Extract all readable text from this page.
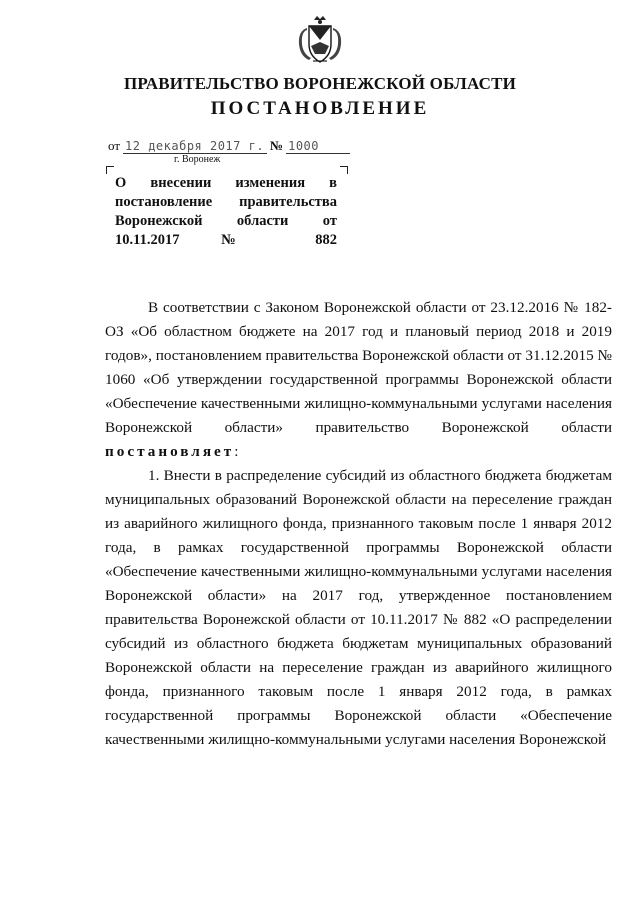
ПРАВИТЕЛЬСТВО ВОРОНЕЖСКОЙ ОБЛАСТИ
ПОСТАНОВЛЕНИЕ
от 12 декабря 2017 г. № 1000
г. Воронеж
О внесении изменения в постановление правительства Воронежской области от 10.11.2017 № 882

В соответствии с Законом Воронежской области от 23.12.2016 № 182-ОЗ «Об областном бюджете на 2017 год и плановый период 2018 и 2019 годов», постановлением правительства Воронежской области от 31.12.2015 № 1060 «Об утверждении государственной программы Воронежской области «Обеспечение качественными жилищно-коммунальными услугами населения Воронежской области» правительство Воронежской области постановляет:

1. Внести в распределение субсидий из областного бюджета бюджетам муниципальных образований Воронежской области на переселение граждан из аварийного жилищного фонда, признанного таковым после 1 января 2012 года, в рамках государственной программы Воронежской области «Обеспечение качественными жилищно-коммунальными услугами населения Воронежской области» на 2017 год, утвержденное постановлением правительства Воронежской области от 10.11.2017 № 882 «О распределении субсидий из областного бюджета бюджетам муниципальных образований Воронежской области на переселение граждан из аварийного жилищного фонда, признанного таковым после 1 января 2012 года, в рамках государственной программы Воронежской области «Обеспечение качественными жилищно-коммунальными услугами населения Воронежской
